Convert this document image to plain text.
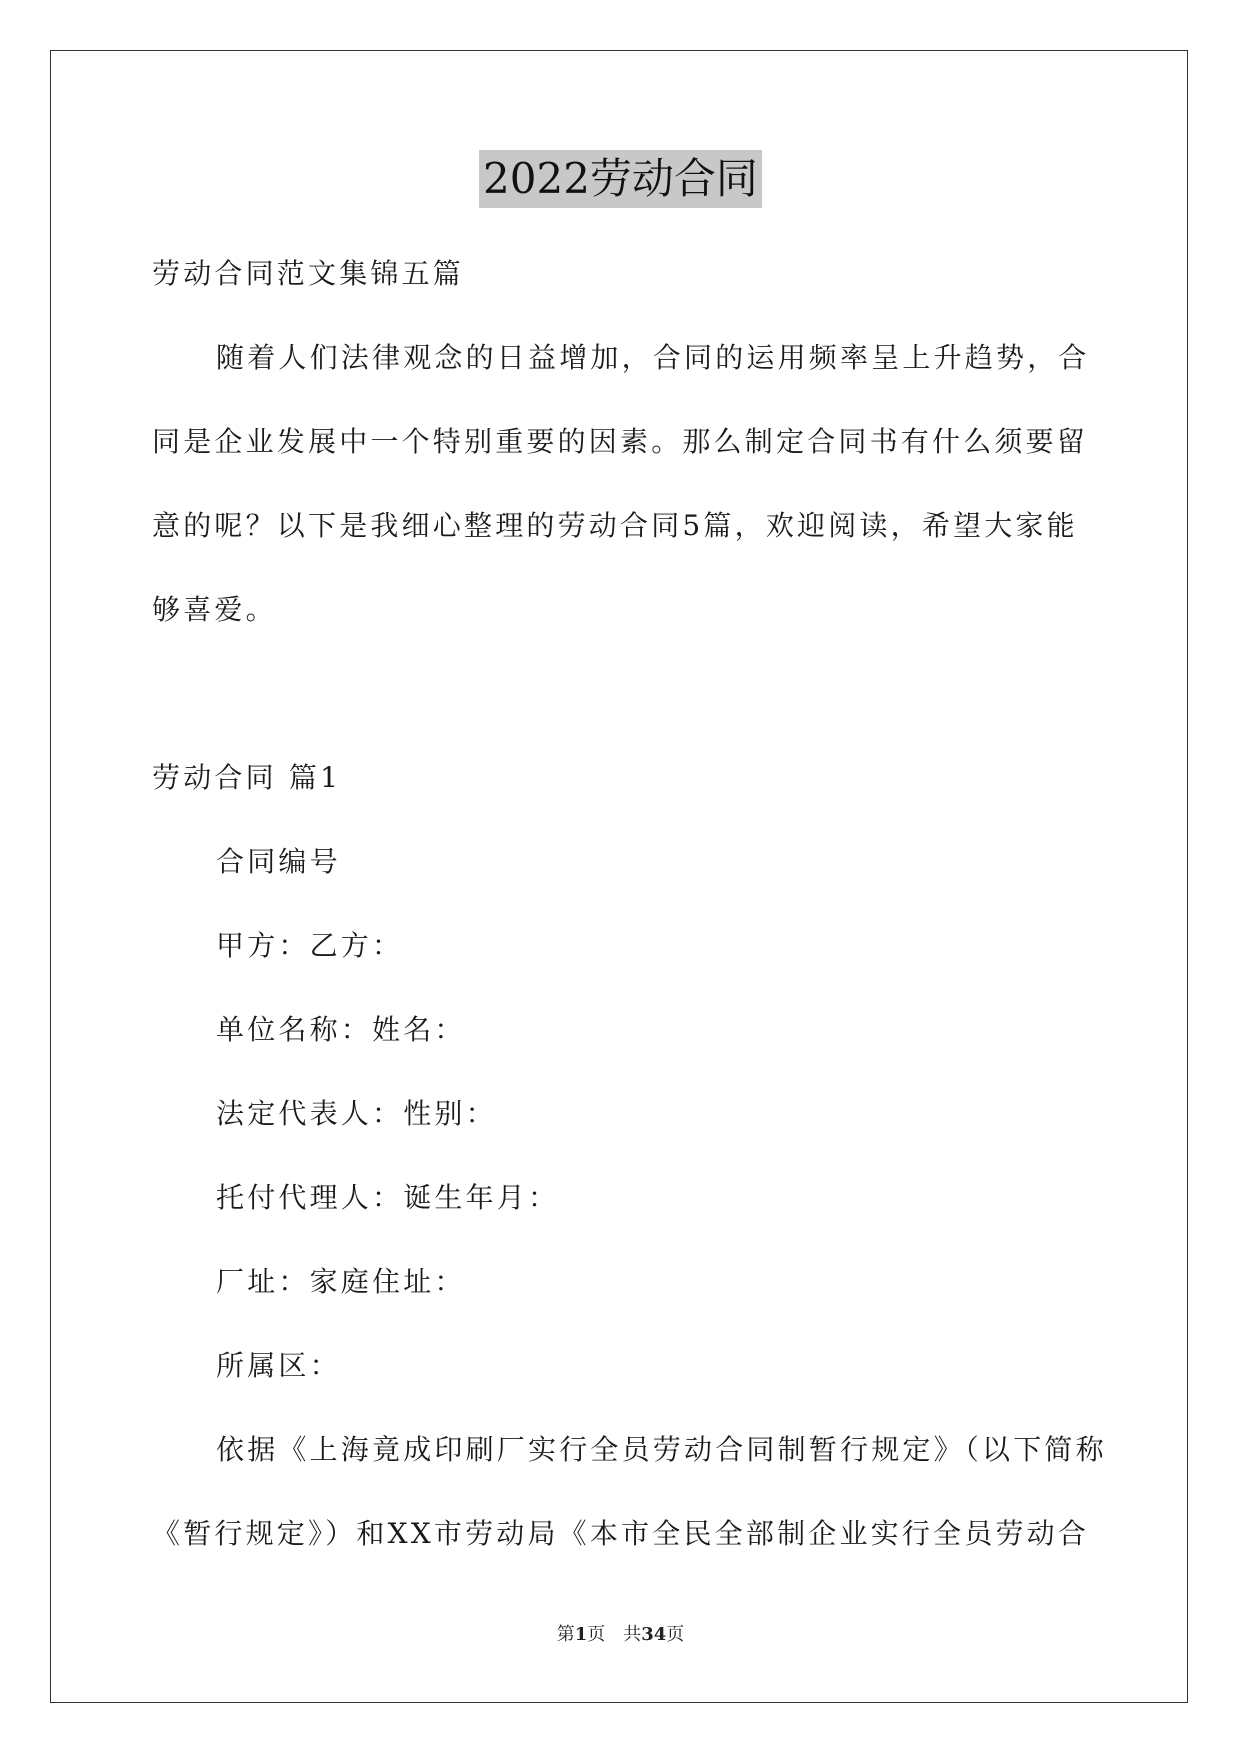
2022劳动合同

劳动合同范文集锦五篇

随着人们法律观念的日益增加，合同的运用频率呈上升趋势，合

同是企业发展中一个特别重要的因素。那么制定合同书有什么须要留

意的呢？以下是我细心整理的劳动合同5篇，欢迎阅读，希望大家能

够喜爱。

劳动合同 篇1

合同编号

甲方：乙方：

单位名称：姓名：

法定代表人：性别：

托付代理人：诞生年月：

厂址：家庭住址：

所属区：

依据《上海竟成印刷厂实行全员劳动合同制暂行规定》（以下简称

《暂行规定》）和XX市劳动局《本市全民全部制企业实行全员劳动合

第1页 共34页
